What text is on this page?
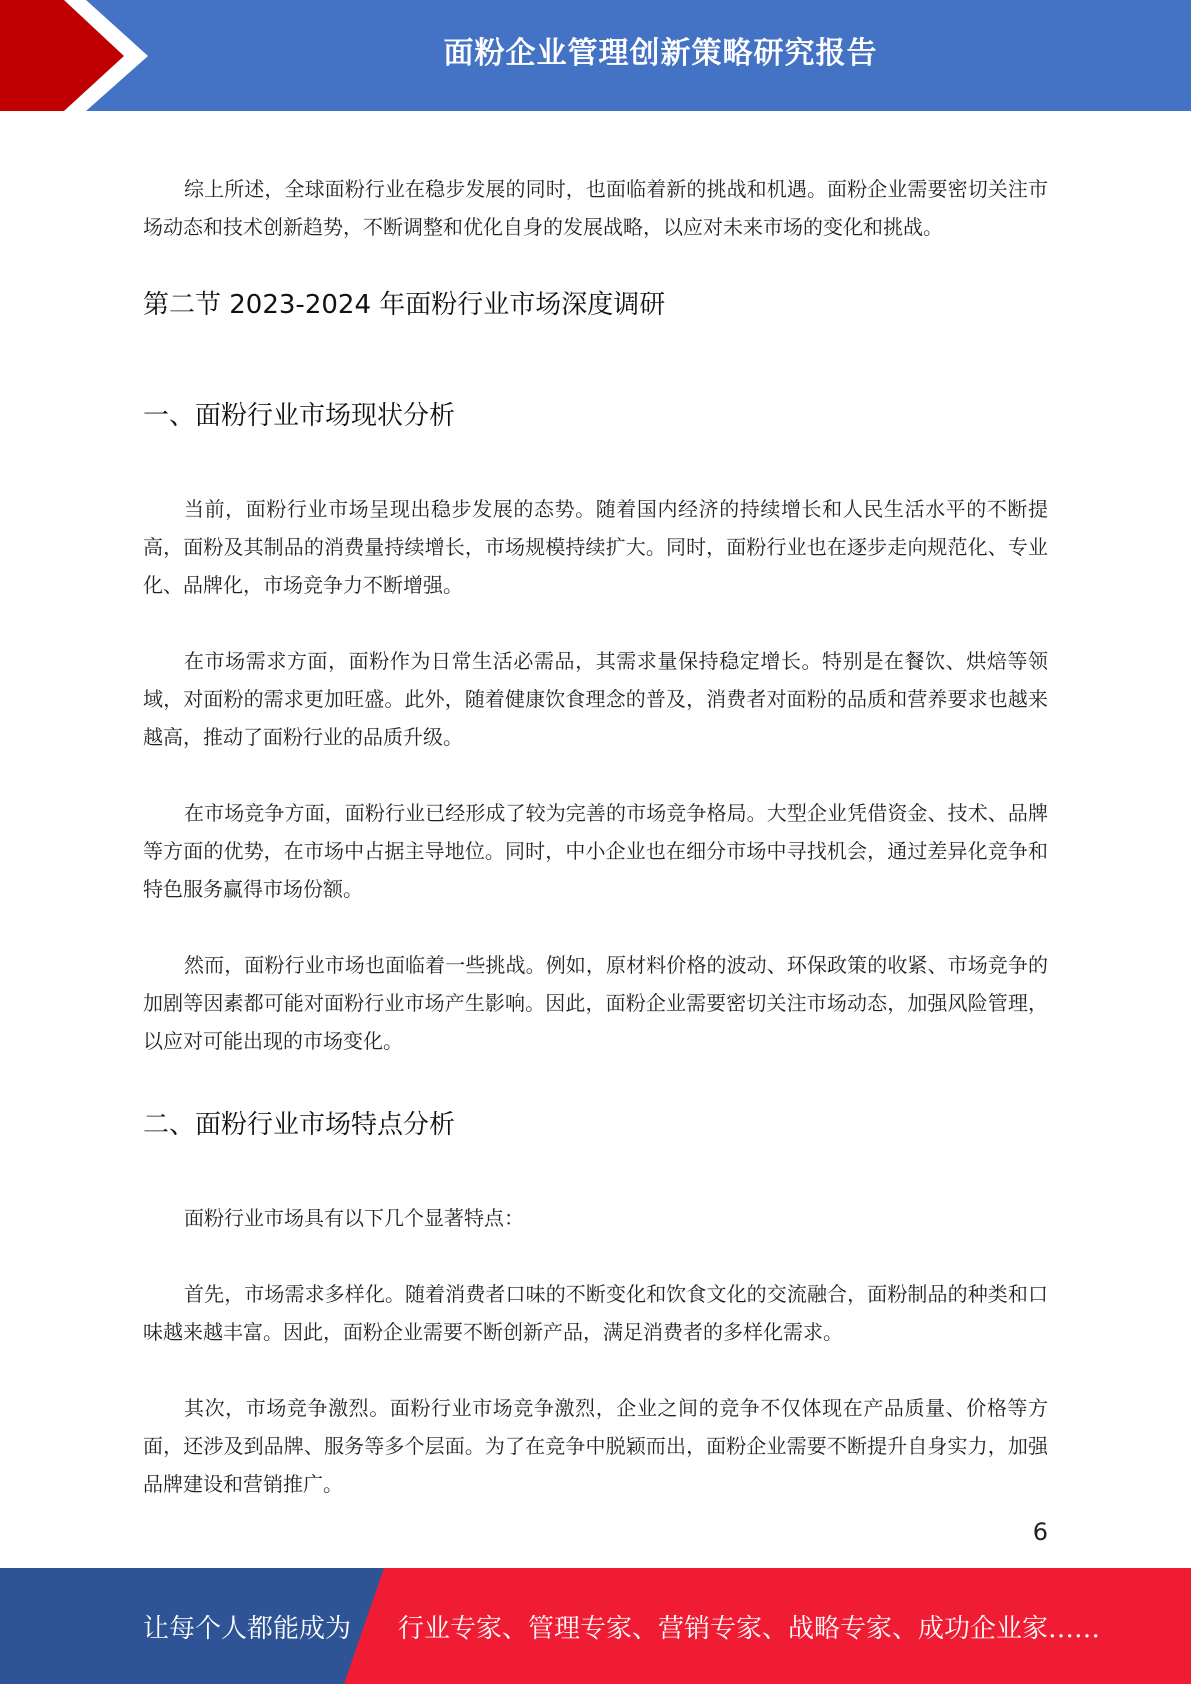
面粉企业管理创新策略研究报告

综上所述，全球面粉行业在稳步发展的同时，也面临着新的挑战和机遇。面粉企业需要密切关注市场动态和技术创新趋势，不断调整和优化自身的发展战略，以应对未来市场的变化和挑战。

第二节 2023-2024 年面粉行业市场深度调研
一、面粉行业市场现状分析

当前，面粉行业市场呈现出稳步发展的态势。随着国内经济的持续增长和人民生活水平的不断提高，面粉及其制品的消费量持续增长，市场规模持续扩大。同时，面粉行业也在逐步走向规范化、专业化、品牌化，市场竞争力不断增强。

在市场需求方面，面粉作为日常生活必需品，其需求量保持稳定增长。特别是在餐饮、烘焙等领域，对面粉的需求更加旺盛。此外，随着健康饮食理念的普及，消费者对面粉的品质和营养要求也越来越高，推动了面粉行业的品质升级。

在市场竞争方面，面粉行业已经形成了较为完善的市场竞争格局。大型企业凭借资金、技术、品牌等方面的优势，在市场中占据主导地位。同时，中小企业也在细分市场中寻找机会，通过差异化竞争和特色服务赢得市场份额。

然而，面粉行业市场也面临着一些挑战。例如，原材料价格的波动、环保政策的收紧、市场竞争的加剧等因素都可能对面粉行业市场产生影响。因此，面粉企业需要密切关注市场动态，加强风险管理，以应对可能出现的市场变化。

二、面粉行业市场特点分析

面粉行业市场具有以下几个显著特点：

首先，市场需求多样化。随着消费者口味的不断变化和饮食文化的交流融合，面粉制品的种类和口味越来越丰富。因此，面粉企业需要不断创新产品，满足消费者的多样化需求。

其次，市场竞争激烈。面粉行业市场竞争激烈，企业之间的竞争不仅体现在产品质量、价格等方面，还涉及到品牌、服务等多个层面。为了在竞争中脱颖而出，面粉企业需要不断提升自身实力，加强品牌建设和营销推广。

6
让每个人都能成为 行业专家、管理专家、营销专家、战略专家、成功企业家……
